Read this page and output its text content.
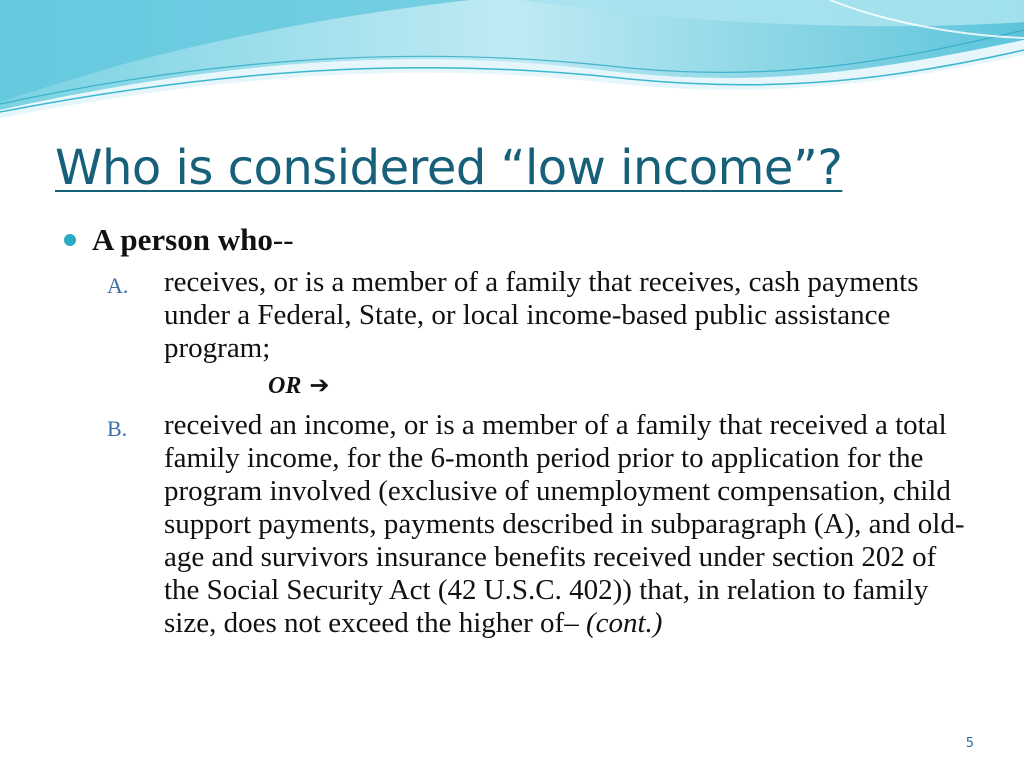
Who is considered “low income”?
A person who--
A. receives, or is a member of a family that receives, cash payments under a Federal, State, or local income-based public assistance program;
OR ➔
B. received an income, or is a member of a family that received a total family income, for the 6-month period prior to application for the program involved (exclusive of unemployment compensation, child support payments, payments described in subparagraph (A), and old-age and survivors insurance benefits received under section 202 of the Social Security Act (42 U.S.C. 402)) that, in relation to family size, does not exceed the higher of– (cont.)
5
